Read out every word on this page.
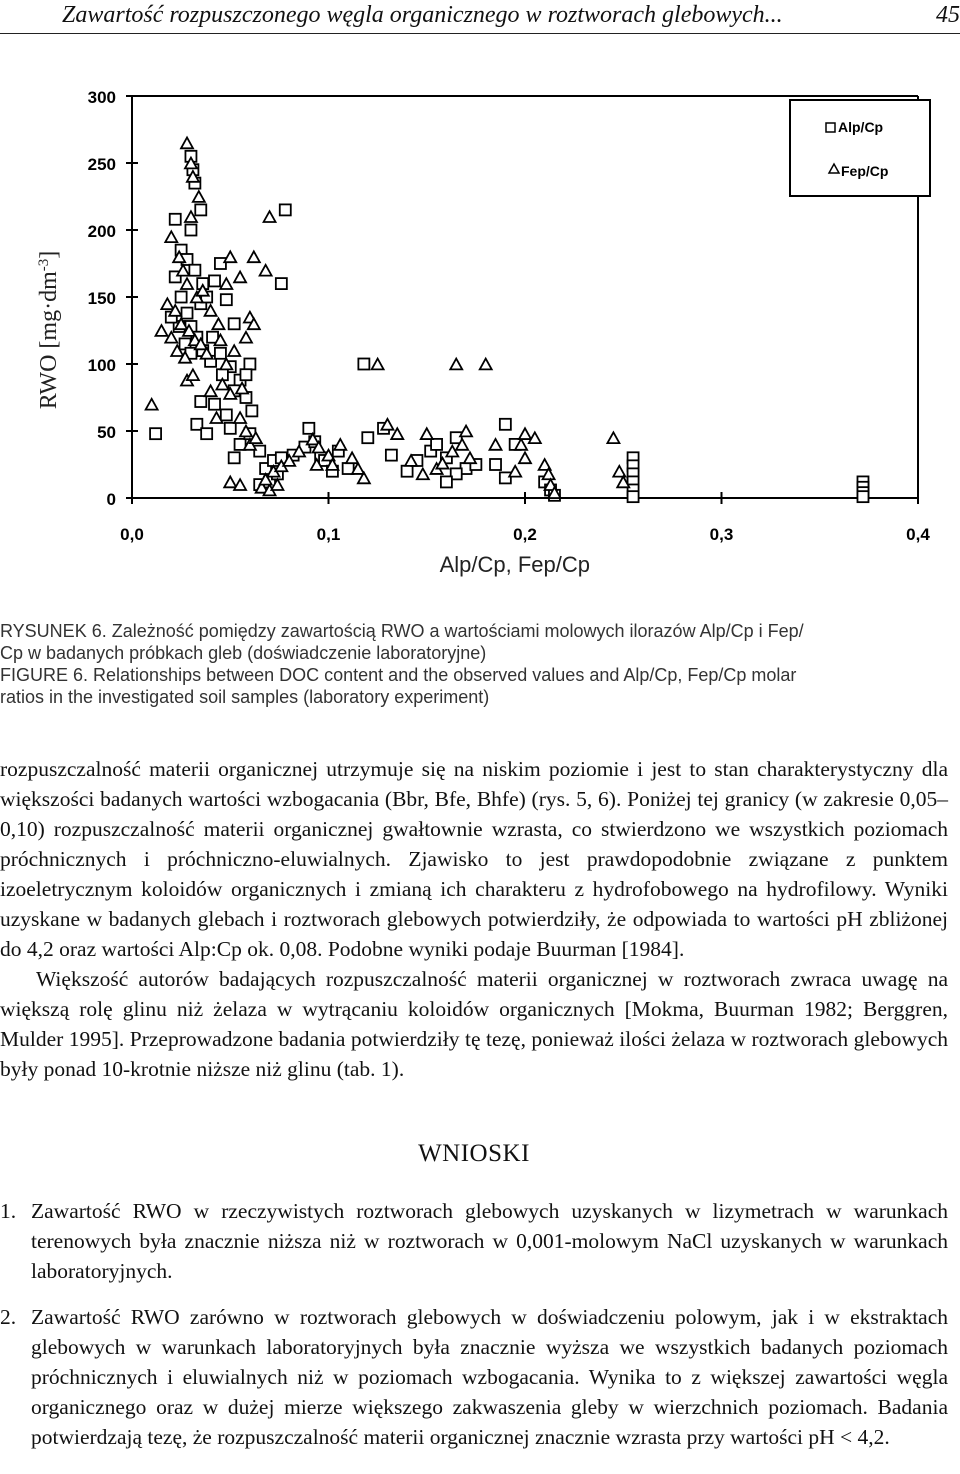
Zawartość rozpuszczonego węgla organicznego w roztworach glebowych...	45
0
50
100
150
200
250
300
0,0	0,1	0,2	0,3	0,4
Alp/Cp
Fep/Cp
Alp/Cp, Fep/Cp
RWO $[mg\cdot dm^{-3}]$

RYSUNEK 6. Zależność pomiędzy zawartością RWO a wartościami molowych ilorazów Alp/Cp i Fep/

Cp w badanych próbkach gleb (doświadczenie laboratoryjne)

FIGURE 6. Relationships between DOC content and the observed values and Alp/Cp, Fep/Cp molar

ratios in the investigated soil samples (laboratory experiment)

rozpuszczalność materii organicznej utrzymuje się na niskim poziomie i jest to stan charakterystyczny dla większości badanych wartości wzbogacania (Bbr, Bfe, Bhfe) (rys. 5, 6). Poniżej tej granicy (w zakresie 0,05–0,10) rozpuszczalność materii organicznej gwałtownie wzrasta, co stwierdzono we wszystkich poziomach próchnicznych i próchniczno-eluwialnych. Zjawisko to jest prawdopodobnie związane z punktem izoeletrycznym koloidów organicznych i zmianą ich charakteru z hydrofobowego na hydrofilowy. Wyniki uzyskane w badanych glebach i roztworach glebowych potwierdziły, że odpowiada to wartości pH zbliżonej do 4,2 oraz wartości Alp:Cp ok. 0,08. Podobne wyniki podaje Buurman [1984].

Większość autorów badających rozpuszczalność materii organicznej w roztworach zwraca uwagę na większą rolę glinu niż żelaza w wytrącaniu koloidów organicznych [Mokma, Buurman 1982; Berggren, Mulder 1995]. Przeprowadzone badania potwierdziły tę tezę, ponieważ ilości żelaza w roztworach glebowych były ponad 10-krotnie niższe niż glinu (tab. 1).

WNIOSKI
1. Zawartość RWO w rzeczywistych roztworach glebowych uzyskanych w lizymetrach w warunkach terenowych była znacznie niższa niż w roztworach w 0,001-molowym NaCl uzyskanych w warunkach laboratoryjnych.
2. Zawartość RWO zarówno w roztworach glebowych w doświadczeniu polowym, jak i w ekstraktach glebowych w warunkach laboratoryjnych była znacznie wyższa we wszystkich badanych poziomach próchnicznych i eluwialnych niż w poziomach wzbogacania. Wynika to z większej zawartości węgla organicznego oraz w dużej mierze większego zakwaszenia gleby w wierzchnich poziomach. Badania potwierdzają tezę, że rozpuszczalność materii organicznej znacznie wzrasta przy wartości pH < 4,2.
